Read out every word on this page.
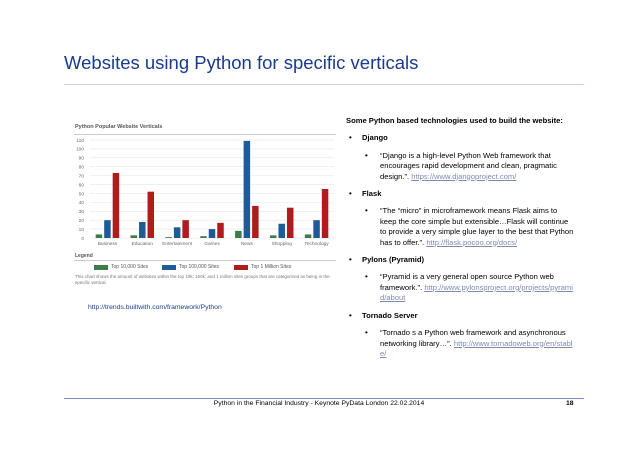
Websites using Python for specific verticals
Python Popular Website Verticals
0
10
20
30
40
50
60
70
80
90
100
110
Business	Education Entertainment	Games	News	Shopping	Technology
Legend
Top 10,000 Sites	Top 100,000 Sites	Top 1 Million Sites
This chart shows the amount of websites within the top 10k; 100k; and 1 million sites groups that are categorized as being in the specific vertical.
http://trends.builtwith.com/framework/Python
Some Python based technologies used to build the website:
• Django
• “Django is a high-level Python Web framework that encourages rapid development and clean, pragmatic design.”. https://www.djangoproject.com/
• Flask
• “The “micro” in microframework means Flask aims to keep the core simple but extensible…Flask will continue to provide a very simple glue layer to the best that Python has to offer.”. http://flask.pocoo.org/docs/
• Pylons (Pyramid)
• “Pyramid is a very general open source Python web framework.”. http://www.pylonsproject.org/projects/pyramid/about
• Tornado Server
• “Tornado s a Python web framework and asynchronous networking library…”. http://www.tornadoweb.org/en/stable/
Python in the Financial Industry - Keynote PyData London 22.02.2014	18
